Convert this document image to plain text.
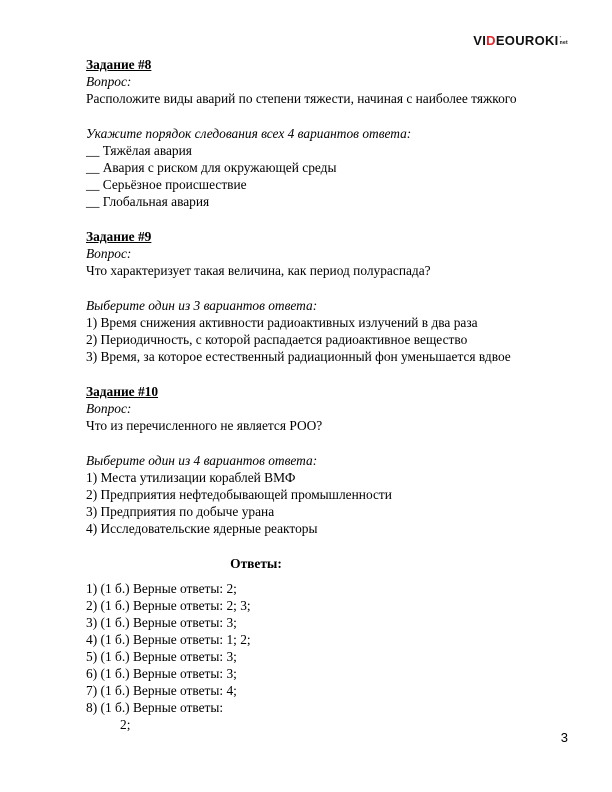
VI D EOUROKI -
net
Задание #8
Вопрос:
Расположите виды аварий по степени тяжести, начиная с наиболее тяжкого
Укажите порядок следования всех 4 вариантов ответа:
__ Тяжёлая авария
__ Авария с риском для окружающей среды
__ Серьёзное происшествие
__ Глобальная авария
Задание #9
Вопрос:
Что характеризует такая величина, как период полураспада?
Выберите один из 3 вариантов ответа:
1) Время снижения активности радиоактивных излучений в два раза
2) Периодичность, с которой распадается радиоактивное вещество
3) Время, за которое естественный радиационный фон уменьшается вдвое
Задание #10
Вопрос:
Что из перечисленного не является РОО?
Выберите один из 4 вариантов ответа:
1) Места утилизации кораблей ВМФ
2) Предприятия нефтедобывающей промышленности
3) Предприятия по добыче урана
4) Исследовательские ядерные реакторы
Ответы:
1) (1 б.) Верные ответы: 2;
2) (1 б.) Верные ответы: 2; 3;
3) (1 б.) Верные ответы: 3;
4) (1 б.) Верные ответы: 1; 2;
5) (1 б.) Верные ответы: 3;
6) (1 б.) Верные ответы: 3;
7) (1 б.) Верные ответы: 4;
8) (1 б.) Верные ответы:
2;
3
